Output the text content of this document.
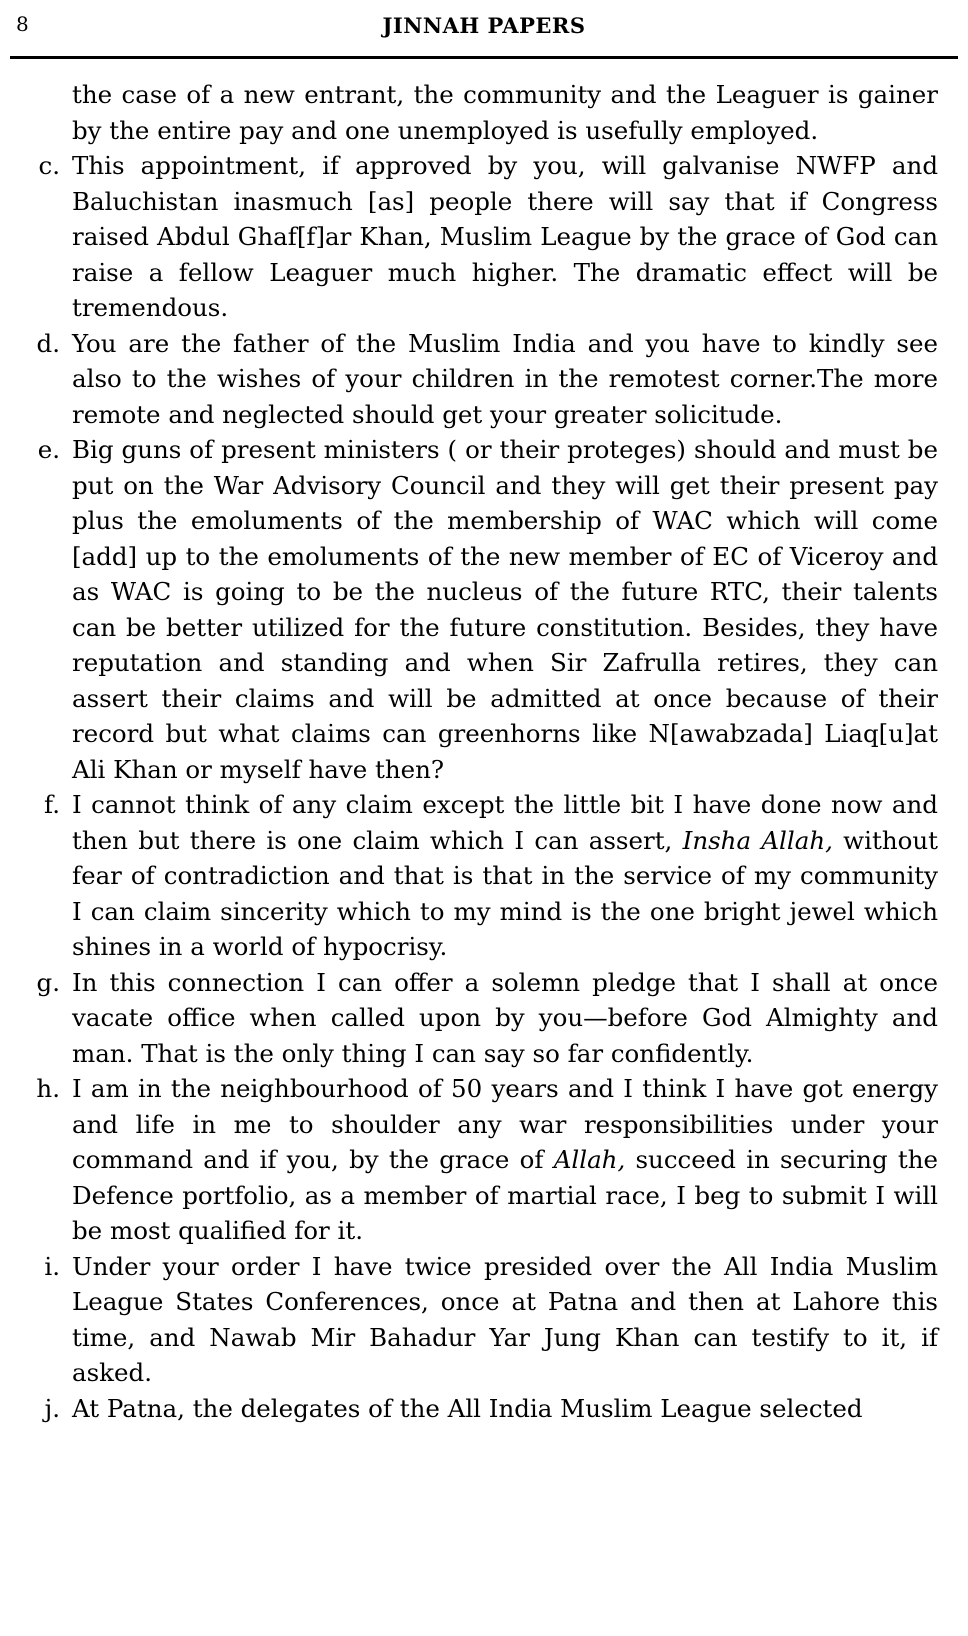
8	JINNAH PAPERS
the case of a new entrant, the community and the Leaguer is gainer by the entire pay and one unemployed is usefully employed.
c. This appointment, if approved by you, will galvanise NWFP and Baluchistan inasmuch [as] people there will say that if Congress raised Abdul Ghaf[f]ar Khan, Muslim League by the grace of God can raise a fellow Leaguer much higher. The dramatic effect will be tremendous.
d. You are the father of the Muslim India and you have to kindly see also to the wishes of your children in the remotest corner.The more remote and neglected should get your greater solicitude.
e. Big guns of present ministers ( or their proteges) should and must be put on the War Advisory Council and they will get their present pay plus the emoluments of the membership of WAC which will come [add] up to the emoluments of the new member of EC of Viceroy and as WAC is going to be the nucleus of the future RTC, their talents can be better utilized for the future constitution. Besides, they have reputation and standing and when Sir Zafrulla retires, they can assert their claims and will be admitted at once because of their record but what claims can greenhorns like N[awabzada] Liaq[u]at Ali Khan or myself have then?
f. I cannot think of any claim except the little bit I have done now and then but there is one claim which I can assert, Insha Allah, without fear of contradiction and that is that in the service of my community I can claim sincerity which to my mind is the one bright jewel which shines in a world of hypocrisy.
g. In this connection I can offer a solemn pledge that I shall at once vacate office when called upon by you—before God Almighty and man. That is the only thing I can say so far confidently.
h. I am in the neighbourhood of 50 years and I think I have got energy and life in me to shoulder any war responsibilities under your command and if you, by the grace of Allah, succeed in securing the Defence portfolio, as a member of martial race, I beg to submit I will be most qualified for it.
i. Under your order I have twice presided over the All India Muslim League States Conferences, once at Patna and then at Lahore this time, and Nawab Mir Bahadur Yar Jung Khan can testify to it, if asked.
j. At Patna, the delegates of the All India Muslim League selected
